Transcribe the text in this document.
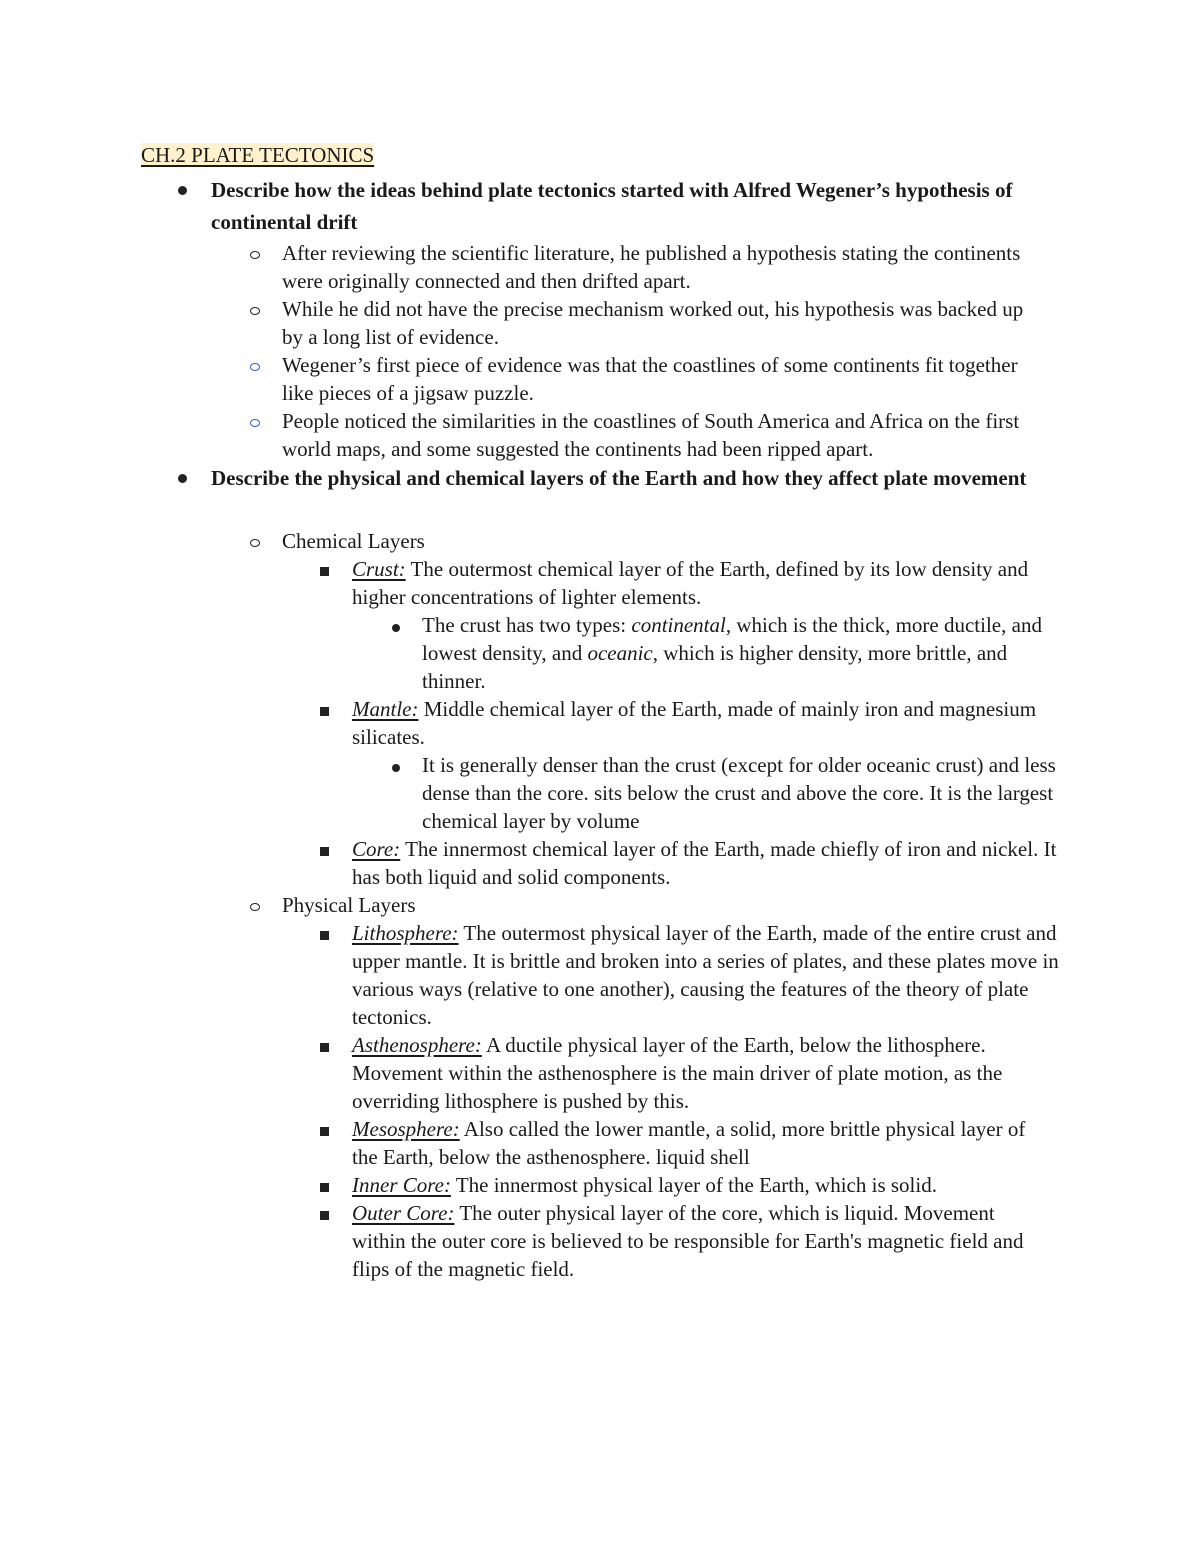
CH.2 PLATE TECTONICS
Describe how the ideas behind plate tectonics started with Alfred Wegener’s hypothesis of continental drift
After reviewing the scientific literature, he published a hypothesis stating the continents were originally connected and then drifted apart.
While he did not have the precise mechanism worked out, his hypothesis was backed up by a long list of evidence.
Wegener’s first piece of evidence was that the coastlines of some continents fit together like pieces of a jigsaw puzzle.
People noticed the similarities in the coastlines of South America and Africa on the first world maps, and some suggested the continents had been ripped apart.
Describe the physical and chemical layers of the Earth and how they affect plate movement
Chemical Layers
Crust: The outermost chemical layer of the Earth, defined by its low density and higher concentrations of lighter elements.
The crust has two types: continental, which is the thick, more ductile, and lowest density, and oceanic, which is higher density, more brittle, and thinner.
Mantle: Middle chemical layer of the Earth, made of mainly iron and magnesium silicates.
It is generally denser than the crust (except for older oceanic crust) and less dense than the core. sits below the crust and above the core. It is the largest chemical layer by volume
Core: The innermost chemical layer of the Earth, made chiefly of iron and nickel. It has both liquid and solid components.
Physical Layers
Lithosphere: The outermost physical layer of the Earth, made of the entire crust and upper mantle. It is brittle and broken into a series of plates, and these plates move in various ways (relative to one another), causing the features of the theory of plate tectonics.
Asthenosphere: A ductile physical layer of the Earth, below the lithosphere. Movement within the asthenosphere is the main driver of plate motion, as the overriding lithosphere is pushed by this.
Mesosphere: Also called the lower mantle, a solid, more brittle physical layer of the Earth, below the asthenosphere. liquid shell
Inner Core: The innermost physical layer of the Earth, which is solid.
Outer Core: The outer physical layer of the core, which is liquid. Movement within the outer core is believed to be responsible for Earth's magnetic field and flips of the magnetic field.
